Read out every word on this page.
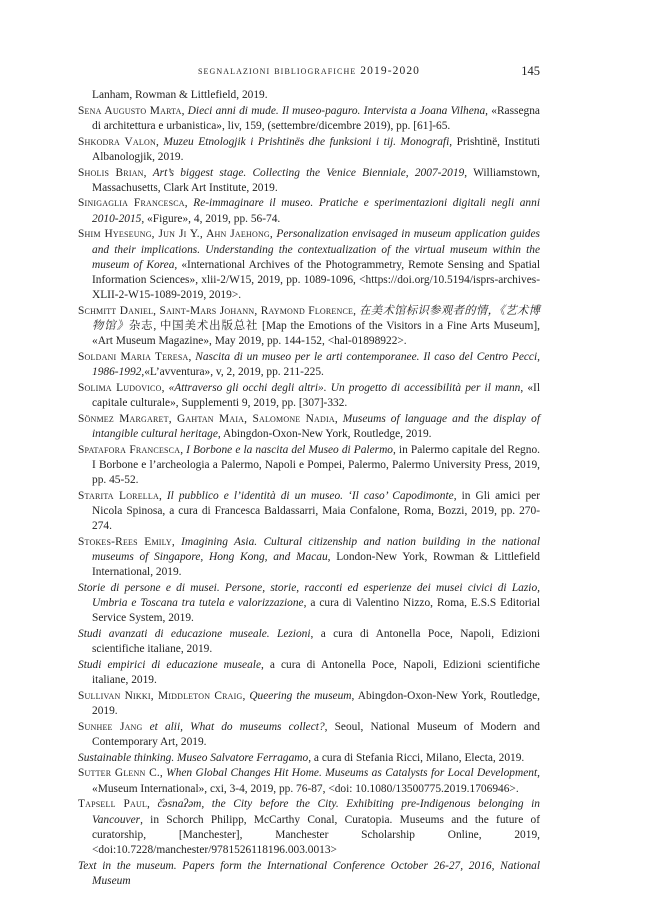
segnalazioni bibliografiche 2019-2020	145

Lanham, Rowman & Littlefield, 2019.

Sena Augusto Marta, Dieci anni di mude. Il museo-paguro. Intervista a Joana Vilhena, «Rassegna di architettura e urbanistica», liv, 159, (settembre/dicembre 2019), pp. [61]-65.

Shkodra Valon, Muzeu Etnologjik i Prishtinës dhe funksioni i tij. Monografi, Prishtinë, Instituti Albanologjik, 2019.

Sholis Brian, Art’s biggest stage. Collecting the Venice Bienniale, 2007-2019, Williamstown, Massachusetts, Clark Art Institute, 2019.

Sinigaglia Francesca, Re-immaginare il museo. Pratiche e sperimentazioni digitali negli anni 2010-2015, «Figure», 4, 2019, pp. 56-74.

Shim Hyeseung, Jun Ji Y., Ahn Jaehong, Personalization envisaged in museum application guides and their implications. Understanding the contextualization of the virtual museum within the museum of Korea, «International Archives of the Photogrammetry, Remote Sensing and Spatial Information Sciences», xlii-2/W15, 2019, pp. 1089-1096, <https://doi.org/10.5194/isprs-archives-XLII-2-W15-1089-2019, 2019>.

Schmitt Daniel, Saint-Mars Johann, Raymond Florence, 在美术馆标识参观者的情，《艺术博物馆》杂志, 中国美术出版总社 [Map the Emotions of the Visitors in a Fine Arts Museum], «Art Museum Magazine», May 2019, pp. 144-152, <hal-01898922>.

Soldani Maria Teresa, Nascita di un museo per le arti contemporanee. Il caso del Centro Pecci, 1986-1992,«L’avventura», v, 2, 2019, pp. 211-225.

Solima Ludovico, «Attraverso gli occhi degli altri». Un progetto di accessibilità per il mann, «Il capitale culturale», Supplementi 9, 2019, pp. [307]-332.

Sönmez Margaret, Gahtan Maia, Salomone Nadia, Museums of language and the display of intangible cultural heritage, Abingdon-Oxon-New York, Routledge, 2019.

Spatafora Francesca, I Borbone e la nascita del Museo di Palermo, in Palermo capitale del Regno. I Borbone e l’archeologia a Palermo, Napoli e Pompei, Palermo, Palermo University Press, 2019, pp. 45-52.

Starita Lorella, Il pubblico e l’identità di un museo. ‘Il caso’ Capodimonte, in Gli amici per Nicola Spinosa, a cura di Francesca Baldassarri, Maia Confalone, Roma, Bozzi, 2019, pp. 270-274.

Stokes-Rees Emily, Imagining Asia. Cultural citizenship and nation building in the national museums of Singapore, Hong Kong, and Macau, London-New York, Rowman & Littlefield International, 2019.

Storie di persone e di musei. Persone, storie, racconti ed esperienze dei musei civici di Lazio, Umbria e Toscana tra tutela e valorizzazione, a cura di Valentino Nizzo, Roma, E.S.S Editorial Service System, 2019.

Studi avanzati di educazione museale. Lezioni, a cura di Antonella Poce, Napoli, Edizioni scientifiche italiane, 2019.

Studi empirici di educazione museale, a cura di Antonella Poce, Napoli, Edizioni scientifiche italiane, 2019.

Sullivan Nikki, Middleton Craig, Queering the museum, Abingdon-Oxon-New York, Routledge, 2019.

Sunhee Jang et alii, What do museums collect?, Seoul, National Museum of Modern and Contemporary Art, 2019.

Sustainable thinking. Museo Salvatore Ferragamo, a cura di Stefania Ricci, Milano, Electa, 2019.

Sutter Glenn C., When Global Changes Hit Home. Museums as Catalysts for Local Development, «Museum International», cxi, 3-4, 2019, pp. 76-87, <doi: 10.1080/13500775.2019.1706946>.

Tapsell Paul, č̓əsnaʔəm, the City before the City. Exhibiting pre-Indigenous belonging in Vancouver, in Schorch Philipp, McCarthy Conal, Curatopia. Museums and the future of curatorship, [Manchester], Manchester Scholarship Online, 2019, <doi:10.7228/manchester/9781526118196.003.0013>

Text in the museum. Papers form the International Conference October 26-27, 2016, National Museum
